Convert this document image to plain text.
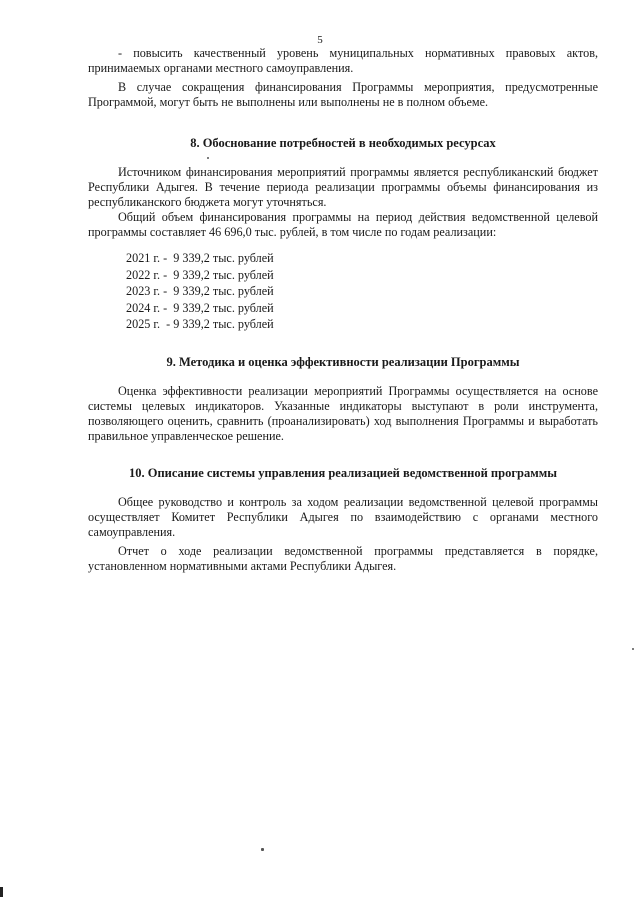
5

- повысить качественный уровень муниципальных нормативных правовых актов, принимаемых органами местного самоуправления.

В случае сокращения финансирования Программы мероприятия, предусмотренные Программой, могут быть не выполнены или выполнены не в полном объеме.

8. Обоснование потребностей в необходимых ресурсах

Источником финансирования мероприятий программы является республиканский бюджет Республики Адыгея. В течение периода реализации программы объемы финансирования из республиканского бюджета могут уточняться.

Общий объем финансирования программы на период действия ведомственной целевой программы составляет 46 696,0 тыс. рублей, в том числе по годам реализации:

2021 г. -  9 339,2 тыс. рублей
2022 г. -  9 339,2 тыс. рублей
2023 г. -  9 339,2 тыс. рублей
2024 г. -  9 339,2 тыс. рублей
2025 г.  - 9 339,2 тыс. рублей
9. Методика и оценка эффективности реализации Программы

Оценка эффективности реализации мероприятий Программы осуществляется на основе системы целевых индикаторов. Указанные индикаторы выступают в роли инструмента, позволяющего оценить, сравнить (проанализировать) ход выполнения Программы и выработать правильное управленческое решение.

10. Описание системы управления реализацией ведомственной программы

Общее руководство и контроль за ходом реализации ведомственной целевой программы осуществляет Комитет Республики Адыгея по взаимодействию с органами местного самоуправления.

Отчет о ходе реализации ведомственной программы представляется в порядке, установленном нормативными актами Республики Адыгея.
